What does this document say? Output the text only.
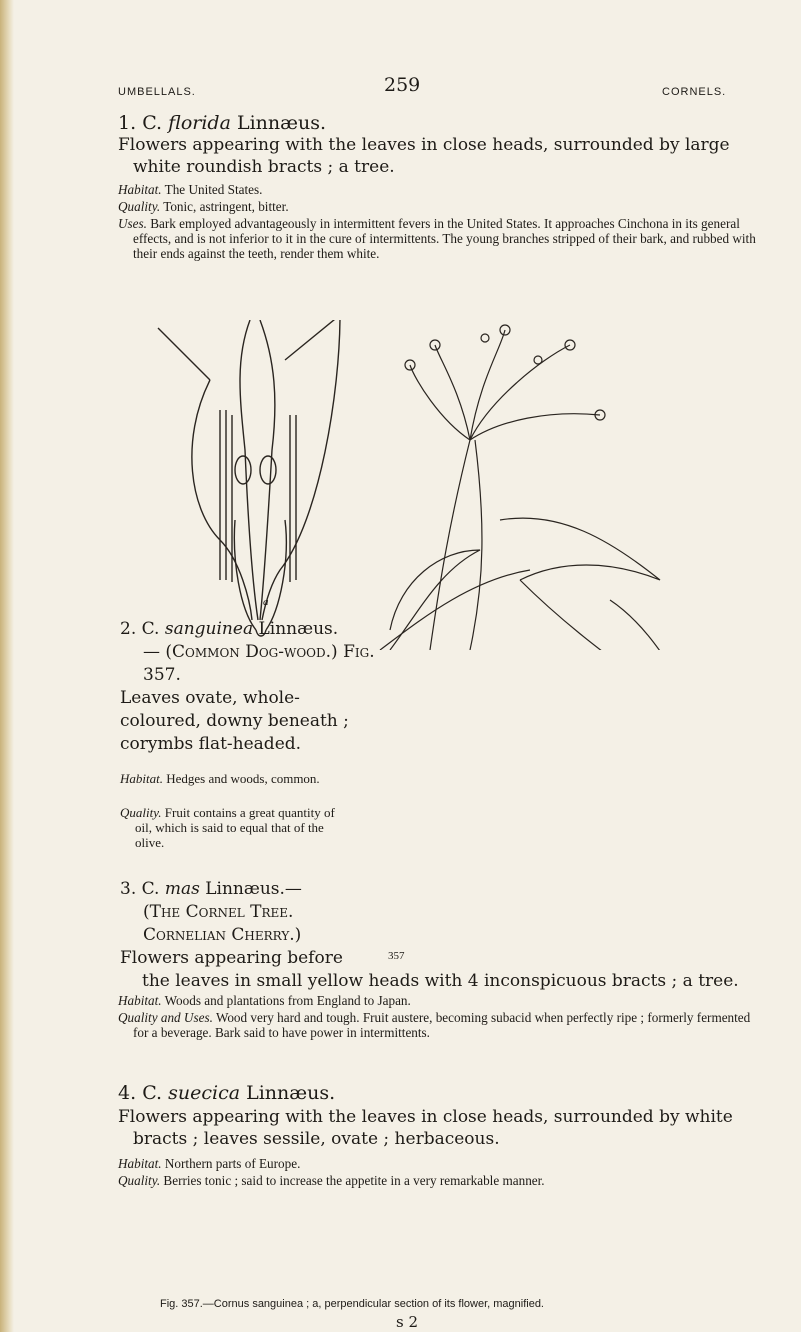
UMBELLALS.	259	CORNELS.
1. C. florida Linnæus.
Flowers appearing with the leaves in close heads, surrounded by large white roundish bracts ; a tree.
Habitat. The United States.
Quality. Tonic, astringent, bitter.
Uses. Bark employed advantageously in intermittent fevers in the United States. It approaches Cinchona in its general effects, and is not inferior to it in the cure of intermittents. The young branches stripped of their bark, and rubbed with their ends against the teeth, render them white.
a
2. C. sanguinea Linnæus.
— (Common Dog-wood.) Fig. 357.
Leaves ovate, whole-coloured, downy beneath ; corymbs flat-headed.
Habitat. Hedges and woods, common.
Quality. Fruit contains a great quantity of oil, which is said to equal that of the olive.
3. C. mas Linnæus.—
(The Cornel Tree. Cornelian Cherry.)
Flowers appearing before	357
the leaves in small yellow heads with 4 inconspicuous bracts ; a tree.
Habitat. Woods and plantations from England to Japan.
Quality and Uses. Wood very hard and tough. Fruit austere, becoming subacid when perfectly ripe ; formerly fermented for a beverage. Bark said to have power in intermittents.
4. C. suecica Linnæus.
Flowers appearing with the leaves in close heads, surrounded by white bracts ; leaves sessile, ovate ; herbaceous.
Habitat. Northern parts of Europe.
Quality. Berries tonic ; said to increase the appetite in a very remarkable manner.
Fig. 357.—Cornus sanguinea ; a, perpendicular section of its flower, magnified.
s 2
